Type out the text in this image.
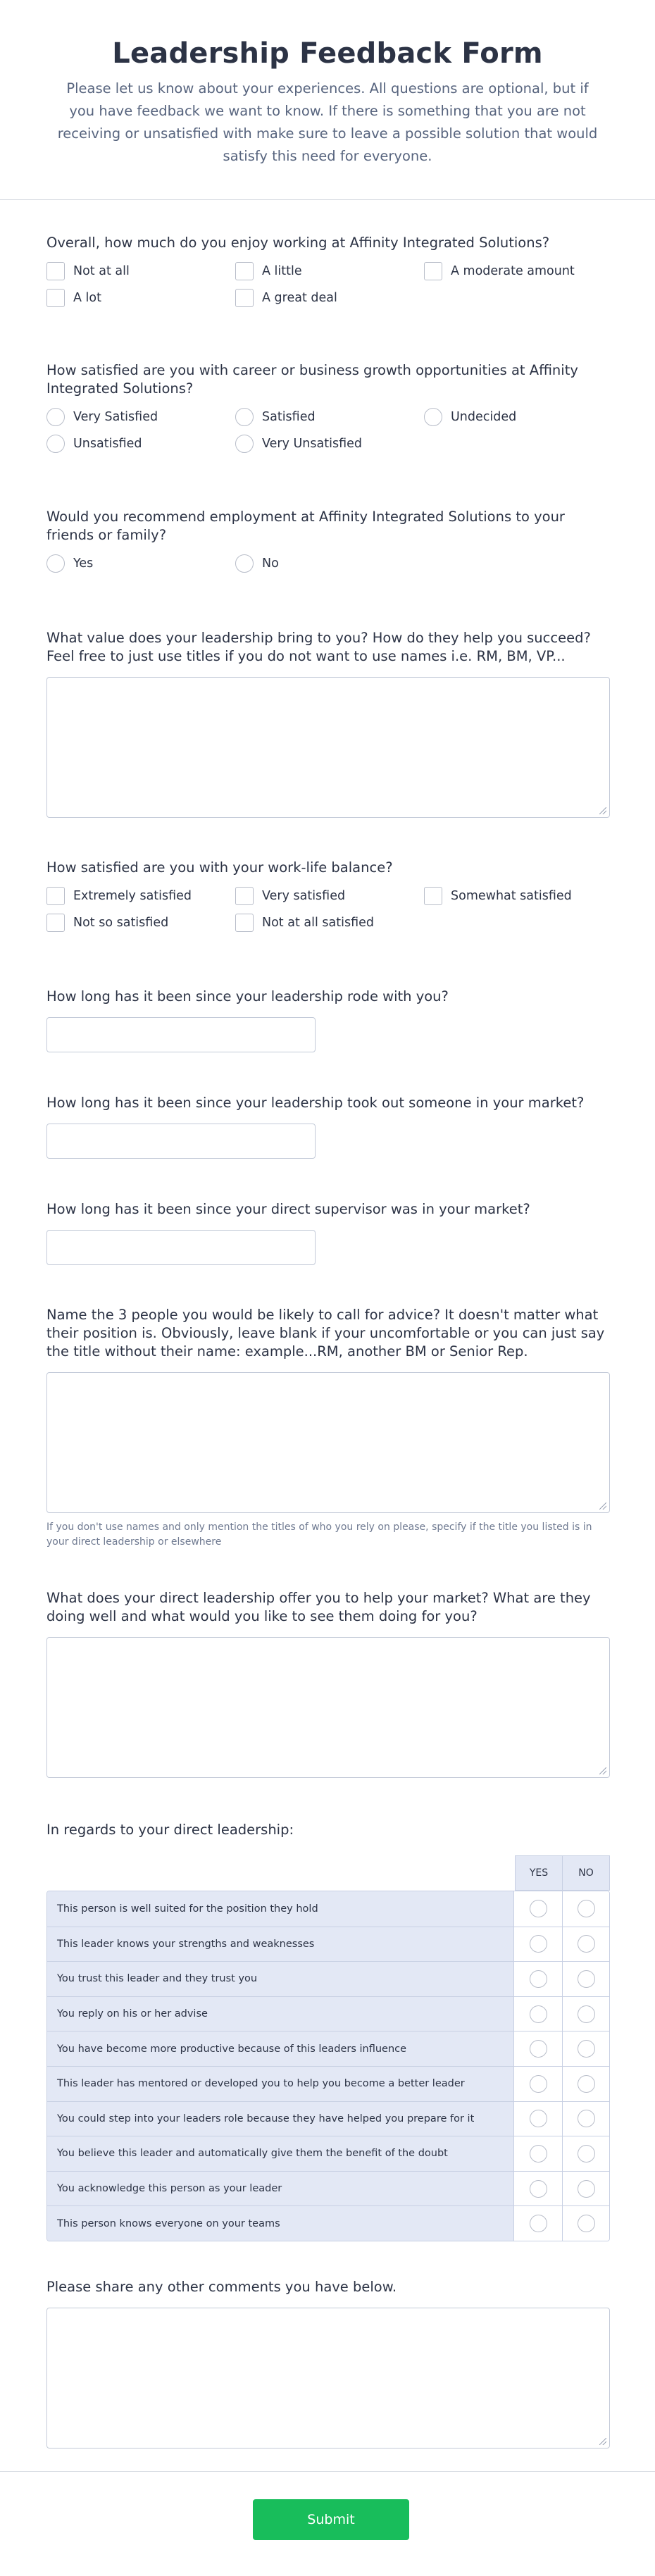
Leadership Feedback Form
Please let us know about your experiences. All questions are optional, but if you have feedback we want to know. If there is something that you are not receiving or unsatisfied with make sure to leave a possible solution that would satisfy this need for everyone.
Overall, how much do you enjoy working at Affinity Integrated Solutions?
Not at all	A little	A moderate amount
A lot	A great deal
How satisfied are you with career or business growth opportunities at Affinity Integrated Solutions?
Very Satisfied	Satisfied	Undecided
Unsatisfied	Very Unsatisfied
Would you recommend employment at Affinity Integrated Solutions to your friends or family?
Yes	No
What value does your leadership bring to you? How do they help you succeed? Feel free to just use titles if you do not want to use names i.e. RM, BM, VP...
How satisfied are you with your work-life balance?
Extremely satisfied	Very satisfied	Somewhat satisfied
Not so satisfied	Not at all satisfied
How long has it been since your leadership rode with you?
How long has it been since your leadership took out someone in your market?
How long has it been since your direct supervisor was in your market?
Name the 3 people you would be likely to call for advice? It doesn't matter what their position is. Obviously, leave blank if your uncomfortable or you can just say the title without their name: example...RM, another BM or Senior Rep.
If you don't use names and only mention the titles of who you rely on please, specify if the title you listed is in your direct leadership or elsewhere
What does your direct leadership offer you to help your market? What are they doing well and what would you like to see them doing for you?
In regards to your direct leadership:
YES	NO
This person is well suited for the position they hold
This leader knows your strengths and weaknesses
You trust this leader and they trust you
You reply on his or her advise
You have become more productive because of this leaders influence
This leader has mentored or developed you to help you become a better leader
You could step into your leaders role because they have helped you prepare for it
You believe this leader and automatically give them the benefit of the doubt
You acknowledge this person as your leader
This person knows everyone on your teams
Please share any other comments you have below.
Submit
